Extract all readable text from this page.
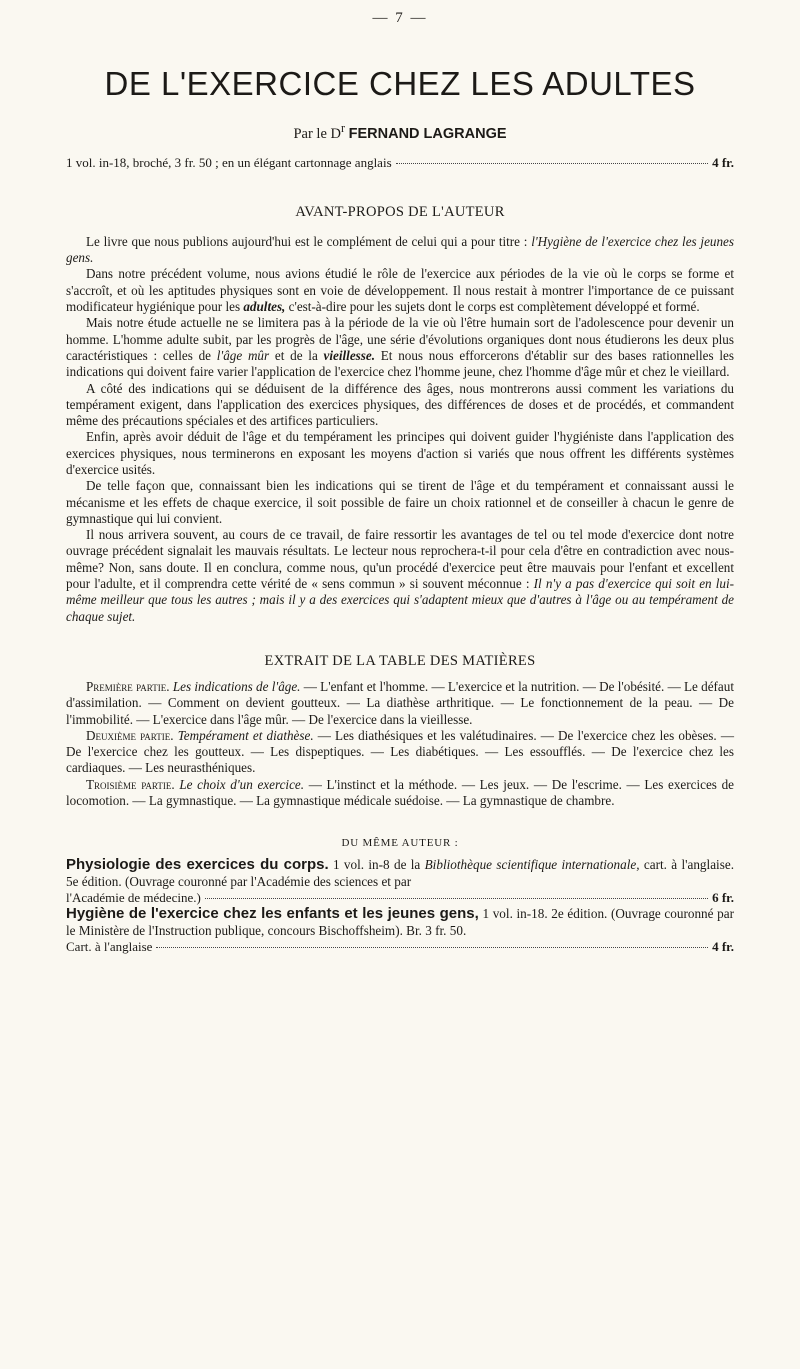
— 7 —
DE L'EXERCICE CHEZ LES ADULTES
Par le $D^r$ FERNAND LAGRANGE
1 vol. in-18, broché, 3 fr. 50 ; en un élégant cartonnage anglais	4 fr.
AVANT-PROPOS DE L'AUTEUR

Le livre que nous publions aujourd'hui est le complément de celui qui a pour titre : l'Hygiène de l'exercice chez les jeunes gens.

Dans notre précédent volume, nous avions étudié le rôle de l'exercice aux périodes de la vie où le corps se forme et s'accroît, et où les aptitudes physiques sont en voie de développement. Il nous restait à montrer l'importance de ce puissant modificateur hygiénique pour les adultes, c'est-à-dire pour les sujets dont le corps est complètement développé et formé.

Mais notre étude actuelle ne se limitera pas à la période de la vie où l'être humain sort de l'adolescence pour devenir un homme. L'homme adulte subit, par les progrès de l'âge, une série d'évolutions organiques dont nous étudierons les deux plus caractéristiques : celles de l'âge mûr et de la vieillesse. Et nous nous efforcerons d'établir sur des bases rationnelles les indications qui doivent faire varier l'application de l'exercice chez l'homme jeune, chez l'homme d'âge mûr et chez le vieillard.

A côté des indications qui se déduisent de la différence des âges, nous montrerons aussi comment les variations du tempérament exigent, dans l'application des exercices physiques, des différences de doses et de procédés, et commandent même des précautions spéciales et des artifices particuliers.

Enfin, après avoir déduit de l'âge et du tempérament les principes qui doivent guider l'hygiéniste dans l'application des exercices physiques, nous terminerons en exposant les moyens d'action si variés que nous offrent les différents systèmes d'exercice usités.

De telle façon que, connaissant bien les indications qui se tirent de l'âge et du tempérament et connaissant aussi le mécanisme et les effets de chaque exercice, il soit possible de faire un choix rationnel et de conseiller à chacun le genre de gymnastique qui lui convient.

Il nous arrivera souvent, au cours de ce travail, de faire ressortir les avantages de tel ou tel mode d'exercice dont notre ouvrage précédent signalait les mauvais résultats. Le lecteur nous reprochera-t-il pour cela d'être en contradiction avec nous-même? Non, sans doute. Il en conclura, comme nous, qu'un procédé d'exercice peut être mauvais pour l'enfant et excellent pour l'adulte, et il comprendra cette vérité de « sens commun » si souvent méconnue : Il n'y a pas d'exercice qui soit en lui-même meilleur que tous les autres ; mais il y a des exercices qui s'adaptent mieux que d'autres à l'âge ou au tempérament de chaque sujet.

EXTRAIT DE LA TABLE DES MATIÈRES

Première partie. Les indications de l'âge. — L'enfant et l'homme. — L'exercice et la nutrition. — De l'obésité. — Le défaut d'assimilation. — Comment on devient goutteux. — La diathèse arthritique. — Le fonctionnement de la peau. — De l'immobilité. — L'exercice dans l'âge mûr. — De l'exercice dans la vieillesse.

Deuxième partie. Tempérament et diathèse. — Les diathésiques et les valétudinaires. — De l'exercice chez les obèses. — De l'exercice chez les goutteux. — Les dispeptiques. — Les diabétiques. — Les essoufflés. — De l'exercice chez les cardiaques. — Les neurasthéniques.

Troisième partie. Le choix d'un exercice. — L'instinct et la méthode. — Les jeux. — De l'escrime. — Les exercices de locomotion. — La gymnastique. — La gymnastique médicale suédoise. — La gymnastique de chambre.

DU MÊME AUTEUR :

Physiologie des exercices du corps. 1 vol. in-8 de la Bibliothèque scientifique internationale, cart. à l'anglaise. 5e édition. (Ouvrage couronné par l'Académie des sciences et par

l'Académie de médecine.)	6 fr.

Hygiène de l'exercice chez les enfants et les jeunes gens, 1 vol. in-18. 2e édition. (Ouvrage couronné par le Ministère de l'Instruction publique, concours Bischoffsheim). Br. 3 fr. 50.

Cart. à l'anglaise	4 fr.
